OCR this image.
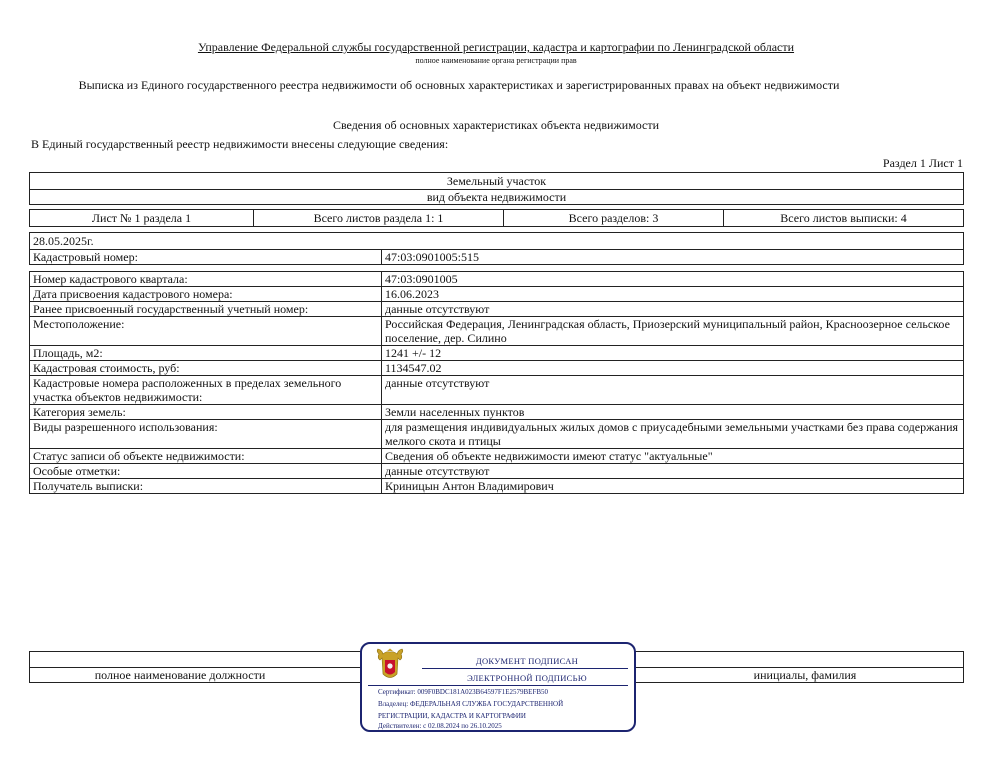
Управление Федеральной службы государственной регистрации, кадастра и картографии по Ленинградской области
полное наименование органа регистрации прав
Выписка из Единого государственного реестра недвижимости об основных характеристиках и зарегистрированных правах на объект недвижимости
Сведения об основных характеристиках объекта недвижимости
В Единый государственный реестр недвижимости внесены следующие сведения:
Раздел 1 Лист 1
Земельный участок
вид объекта недвижимости
Лист № 1 раздела 1	Всего листов раздела 1: 1	Всего разделов: 3	Всего листов выписки: 4
28.05.2025г.
Кадастровый номер:	47:03:0901005:515
Номер кадастрового квартала:	47:03:0901005
Дата присвоения кадастрового номера:	16.06.2023
Ранее присвоенный государственный учетный номер:	данные отсутствуют
Местоположение:	Российская Федерация, Ленинградская область, Приозерский муниципальный район, Красноозерное сельское поселение, дер. Силино
Площадь, м2:	1241 +/- 12
Кадастровая стоимость, руб:	1134547.02
Кадастровые номера расположенных в пределах земельного участка объектов недвижимости:	данные отсутствуют
Категория земель:	Земли населенных пунктов
Виды разрешенного использования:	для размещения индивидуальных жилых домов с приусадебными земельными участками без права содержания мелкого скота и птицы
Статус записи об объекте недвижимости:	Сведения об объекте недвижимости имеют статус "актуальные"
Особые отметки:	данные отсутствуют
Получатель выписки:	Криницын Антон Владимирович
полное наименование должности	инициалы, фамилия
ДОКУМЕНТ ПОДПИСАН
ЭЛЕКТРОННОЙ ПОДПИСЬЮ
Сертификат: 009F0BDC181A023B64597F1E2579BEFB50
Владелец: ФЕДЕРАЛЬНАЯ СЛУЖБА ГОСУДАРСТВЕННОЙ
РЕГИСТРАЦИИ, КАДАСТРА И КАРТОГРАФИИ
Действителен: с 02.08.2024 по 26.10.2025
